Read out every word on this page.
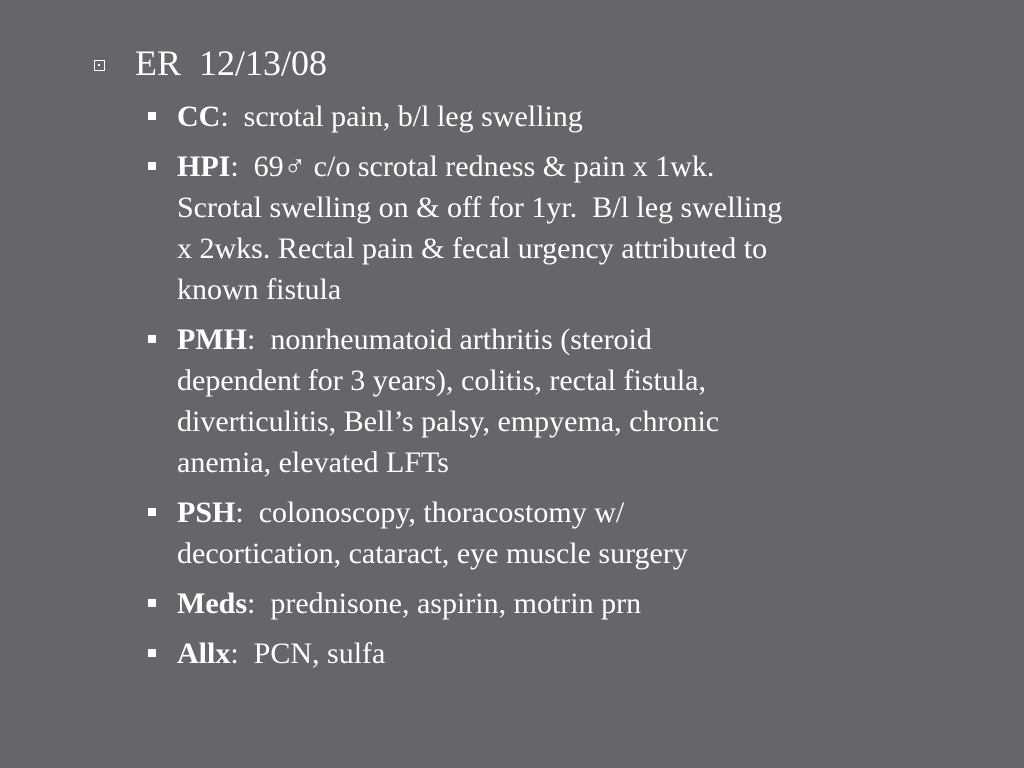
ER  12/13/08
CC:  scrotal pain, b/l leg swelling
HPI:  69♂ c/o scrotal redness & pain x 1wk.
Scrotal swelling on & off for 1yr.  B/l leg swelling
x 2wks. Rectal pain & fecal urgency attributed to
known fistula
PMH:  nonrheumatoid arthritis (steroid
dependent for 3 years), colitis, rectal fistula,
diverticulitis, Bell’s palsy, empyema, chronic
anemia, elevated LFTs
PSH:  colonoscopy, thoracostomy w/
decortication, cataract, eye muscle surgery
Meds:  prednisone, aspirin, motrin prn
Allx:  PCN, sulfa
